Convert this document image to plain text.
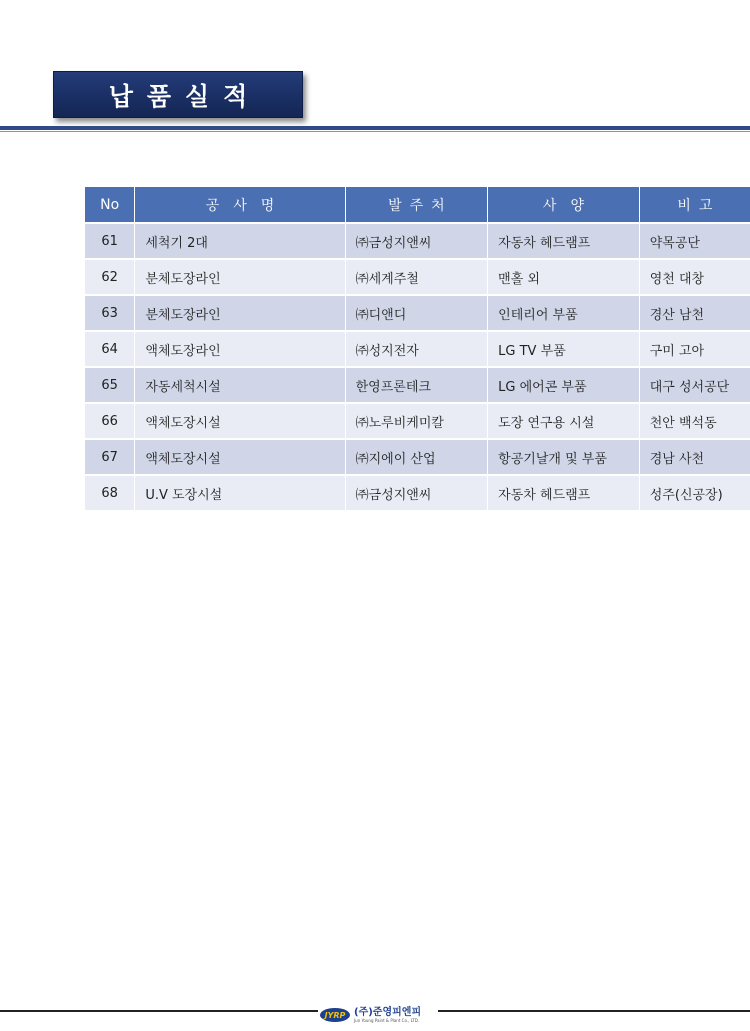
납품실적
No	공사명	발주처	사양	비고
61	세척기 2대	㈜금성지앤씨	자동차 헤드램프	약목공단
62	분체도장라인	㈜세계주철	맨홀 외	영천 대창
63	분체도장라인	㈜디앤디	인테리어 부품	경산 남천
64	액체도장라인	㈜성지전자	LG TV 부품	구미 고아
65	자동세척시설	한영프론테크	LG 에어콘 부품	대구 성서공단
66	액체도장시설	㈜노루비케미칼	도장 연구용 시설	천안 백석동
67	액체도장시설	㈜지에이 산업	항공기날개 및 부품	경남 사천
68	U.V 도장시설	㈜금성지앤씨	자동차 헤드램프	성주(신공장)
JYRP (주)준영피엔피
Jun Young Paint & Plant Co., LTD.
